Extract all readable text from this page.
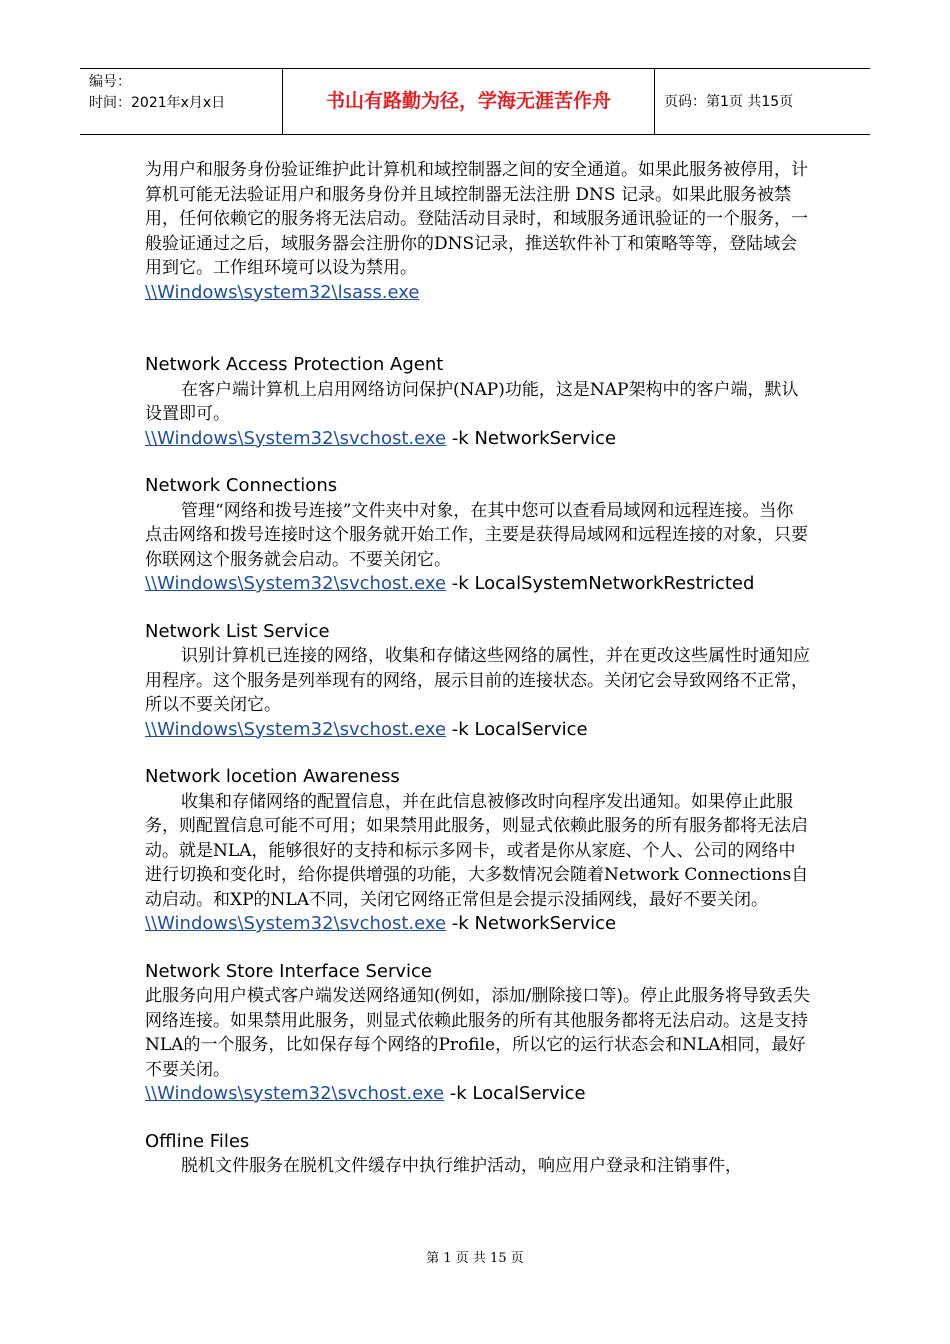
编号：
时间：2021年x月x日	书山有路勤为径，学海无涯苦作舟	页码：第1页 共15页

为用户和服务身份验证维护此计算机和域控制器之间的安全通道。如果此服务被停用，计算机可能无法验证用户和服务身份并且域控制器无法注册 DNS 记录。如果此服务被禁用，任何依赖它的服务将无法启动。登陆活动目录时，和域服务通讯验证的一个服务，一般验证通过之后，域服务器会注册你的DNS记录，推送软件补丁和策略等等，登陆域会用到它。工作组环境可以设为禁用。

\\Windows\system32\lsass.exe

Network Access Protection Agent

在客户端计算机上启用网络访问保护(NAP)功能，这是NAP架构中的客户端，默认设置即可。

\\Windows\System32\svchost.exe -k NetworkService

Network Connections

管理“网络和拨号连接”文件夹中对象，在其中您可以查看局域网和远程连接。当你点击网络和拨号连接时这个服务就开始工作，主要是获得局域网和远程连接的对象，只要你联网这个服务就会启动。不要关闭它。

\\Windows\System32\svchost.exe -k LocalSystemNetworkRestricted

Network List Service

识别计算机已连接的网络，收集和存储这些网络的属性，并在更改这些属性时通知应用程序。这个服务是列举现有的网络，展示目前的连接状态。关闭它会导致网络不正常，所以不要关闭它。

\\Windows\System32\svchost.exe -k LocalService

Network locetion Awareness

收集和存储网络的配置信息，并在此信息被修改时向程序发出通知。如果停止此服务，则配置信息可能不可用；如果禁用此服务，则显式依赖此服务的所有服务都将无法启动。就是NLA，能够很好的支持和标示多网卡，或者是你从家庭、个人、公司的网络中进行切换和变化时，给你提供增强的功能，大多数情况会随着Network Connections自动启动。和XP的NLA不同，关闭它网络正常但是会提示没插网线，最好不要关闭。

\\Windows\System32\svchost.exe -k NetworkService

Network Store Interface Service

此服务向用户模式客户端发送网络通知(例如，添加/删除接口等)。停止此服务将导致丢失网络连接。如果禁用此服务，则显式依赖此服务的所有其他服务都将无法启动。这是支持NLA的一个服务，比如保存每个网络的Profile，所以它的运行状态会和NLA相同，最好不要关闭。

\\Windows\system32\svchost.exe -k LocalService

Offline Files

脱机文件服务在脱机文件缓存中执行维护活动，响应用户登录和注销事件，

第 1 页 共 15 页
